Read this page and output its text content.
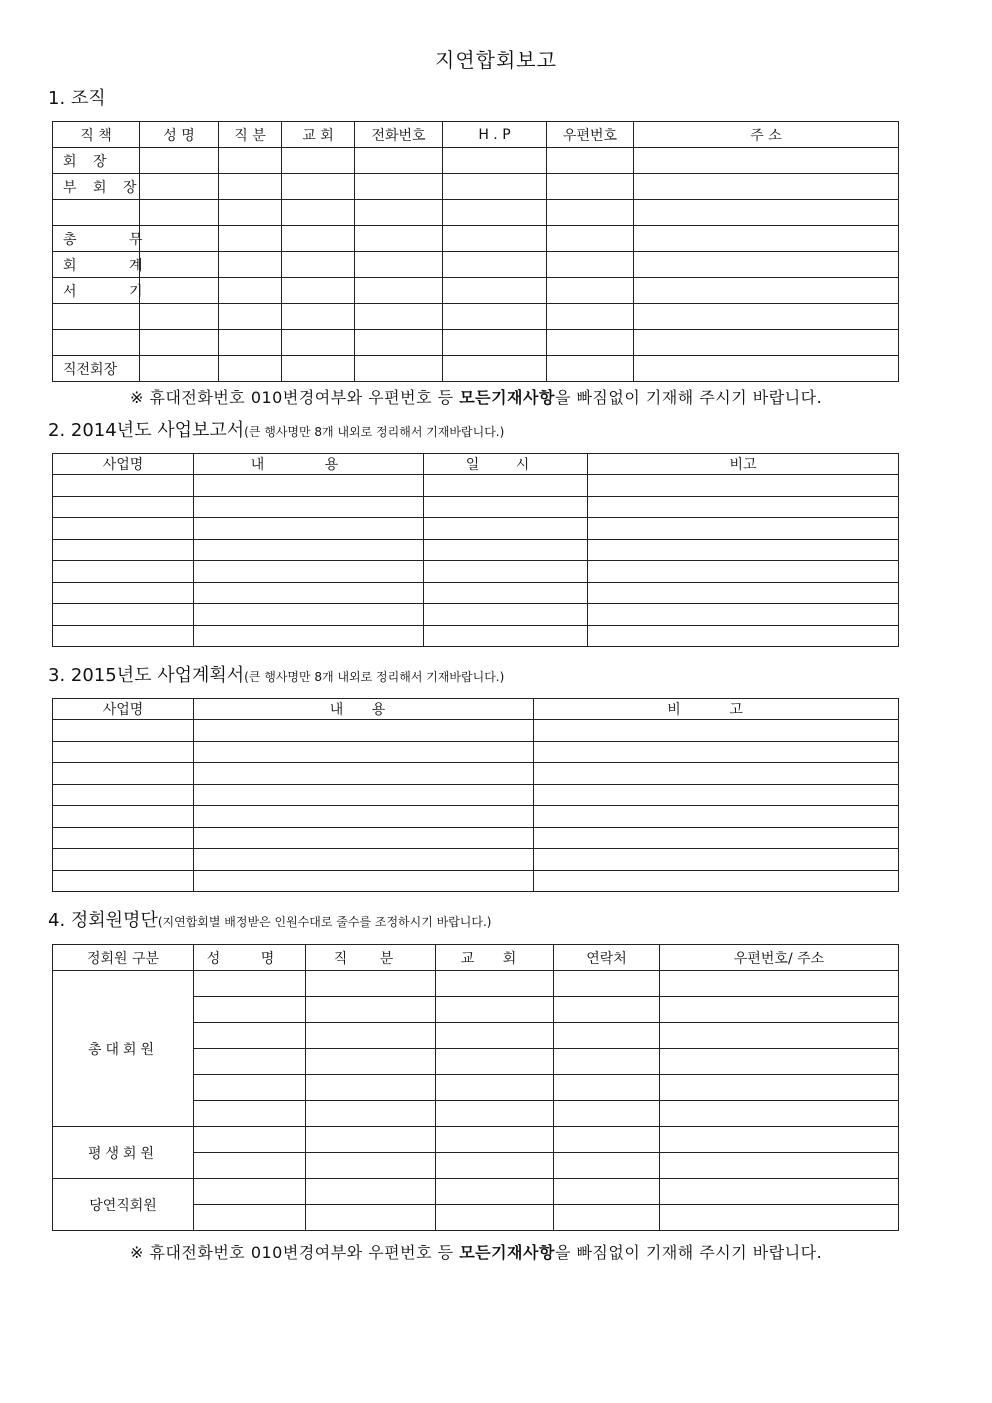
지연합회보고
1. 조직
직 책	성 명	직 분	교 회	전화번호	H . P	우편번호	주 소
회 장							
부 회 장							

총 무							
회 계							
서 기							

직전회장							
※ 휴대전화번호 010변경여부와 우편번호 등 모든기재사항을 빠짐없이 기재해 주시기 바랍니다.
2. 2014년도 사업보고서(큰 행사명만 8개 내외로 정리해서 기재바랍니다.)
사업명	내 용	일 시	비고

3. 2015년도 사업계획서(큰 행사명만 8개 내외로 정리해서 기재바랍니다.)
사업명	내 용	비 고

4. 정회원명단(지연합회별 배정받은 인원수대로 줄수를 조정하시기 바랍니다.)
정회원 구분	성 명	직 분	교 회	연락처	우편번호/ 주소
총대회원					

평생회원					

당연직회원					

※ 휴대전화번호 010변경여부와 우편번호 등 모든기재사항을 빠짐없이 기재해 주시기 바랍니다.
